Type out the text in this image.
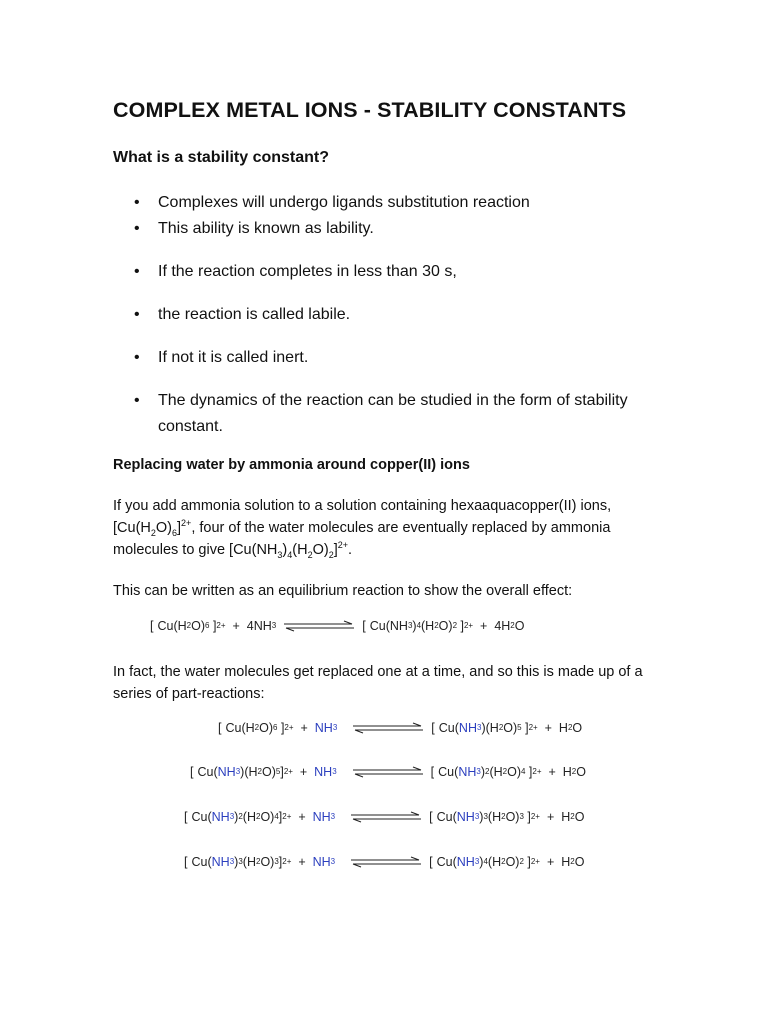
COMPLEX METAL IONS - STABILITY CONSTANTS
What is a stability constant?
• Complexes will undergo ligands substitution reaction
• This ability is known as lability.
• If the reaction completes in less than 30 s,
• the reaction is called labile.
• If not it is called inert.
• The dynamics of the reaction can be studied in the form of stability constant.
Replacing water by ammonia around copper(II) ions
If you add ammonia solution to a solution containing hexaaquacopper(II) ions, $[Cu(H_2O)_6]^{2+}$, four of the water molecules are eventually replaced by ammonia molecules to give $[Cu(NH_3)_4(H_2O)_2]^{2+}$.
This can be written as an equilibrium reaction to show the overall effect:
In fact, the water molecules get replaced one at a time, and so this is made up of a series of part-reactions:
[ Cu (H 2 O) 6 ] 2+
+
4NH 3	[ Cu( NH 3 ) 4 (H 2 O) 2 ] 2+
+
4H 2 O
[ Cu (H 2 O) 6 ] 2+
+
NH 3	[ Cu( NH 3 ) (H 2 O) 5 ] 2+
+
H 2 O
[ Cu( NH 3 ) (H 2 O) 5 ] 2+
+
NH 3	[ Cu( NH 3 ) 2 (H 2 O) 4 ] 2+
+
H 2 O
[ Cu( NH 3 ) 2 (H 2 O) 4 ] 2+
+
NH 3	[ Cu( NH 3 ) 3 (H 2 O) 3 ] 2+
+
H 2 O
[ Cu( NH 3 ) 3 (H 2 O) 3 ] 2+
+
NH 3	[ Cu( NH 3 ) 4 (H 2 O) 2 ] 2+
+
H 2 O
